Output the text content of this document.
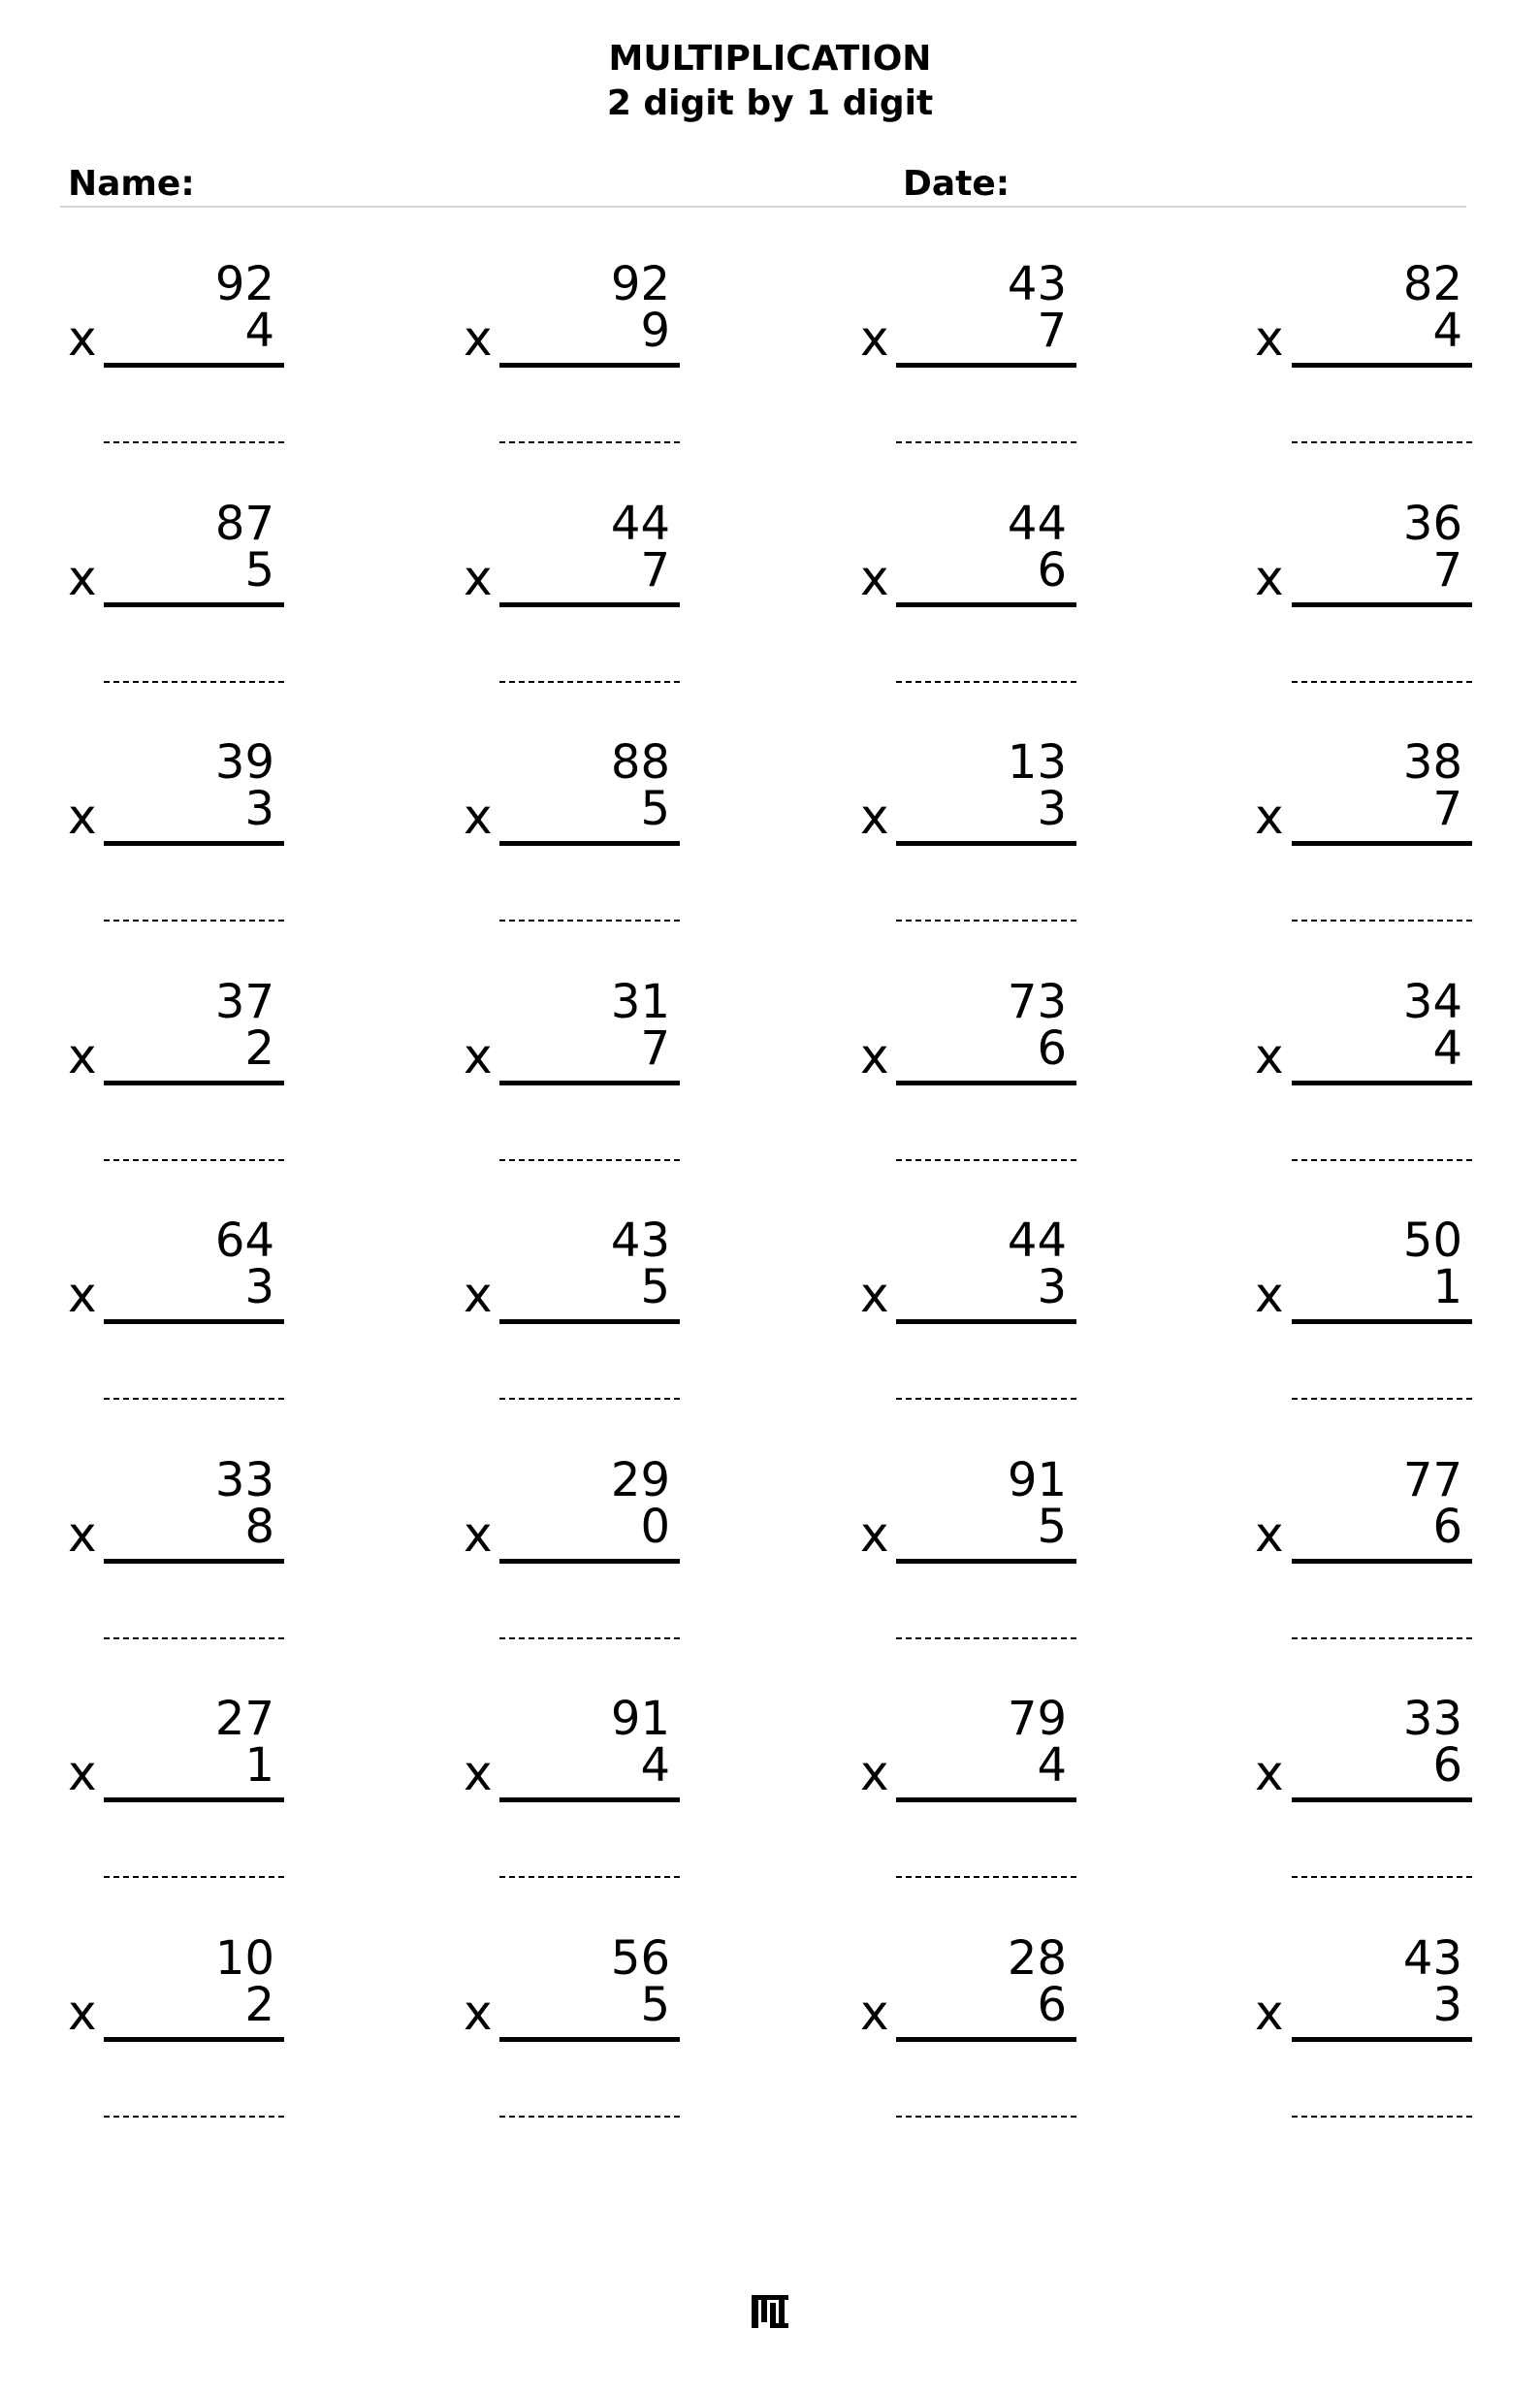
MULTIPLICATION
2 digit by 1 digit
Name:	Date:
92
4
x
92
9
x
43
7
x
82
4
x
87
5
x
44
7
x
44
6
x
36
7
x
39
3
x
88
5
x
13
3
x
38
7
x
37
2
x
31
7
x
73
6
x
34
4
x
64
3
x
43
5
x
44
3
x
50
1
x
33
8
x
29
0
x
91
5
x
77
6
x
27
1
x
91
4
x
79
4
x
33
6
x
10
2
x
56
5
x
28
6
x
43
3
x
